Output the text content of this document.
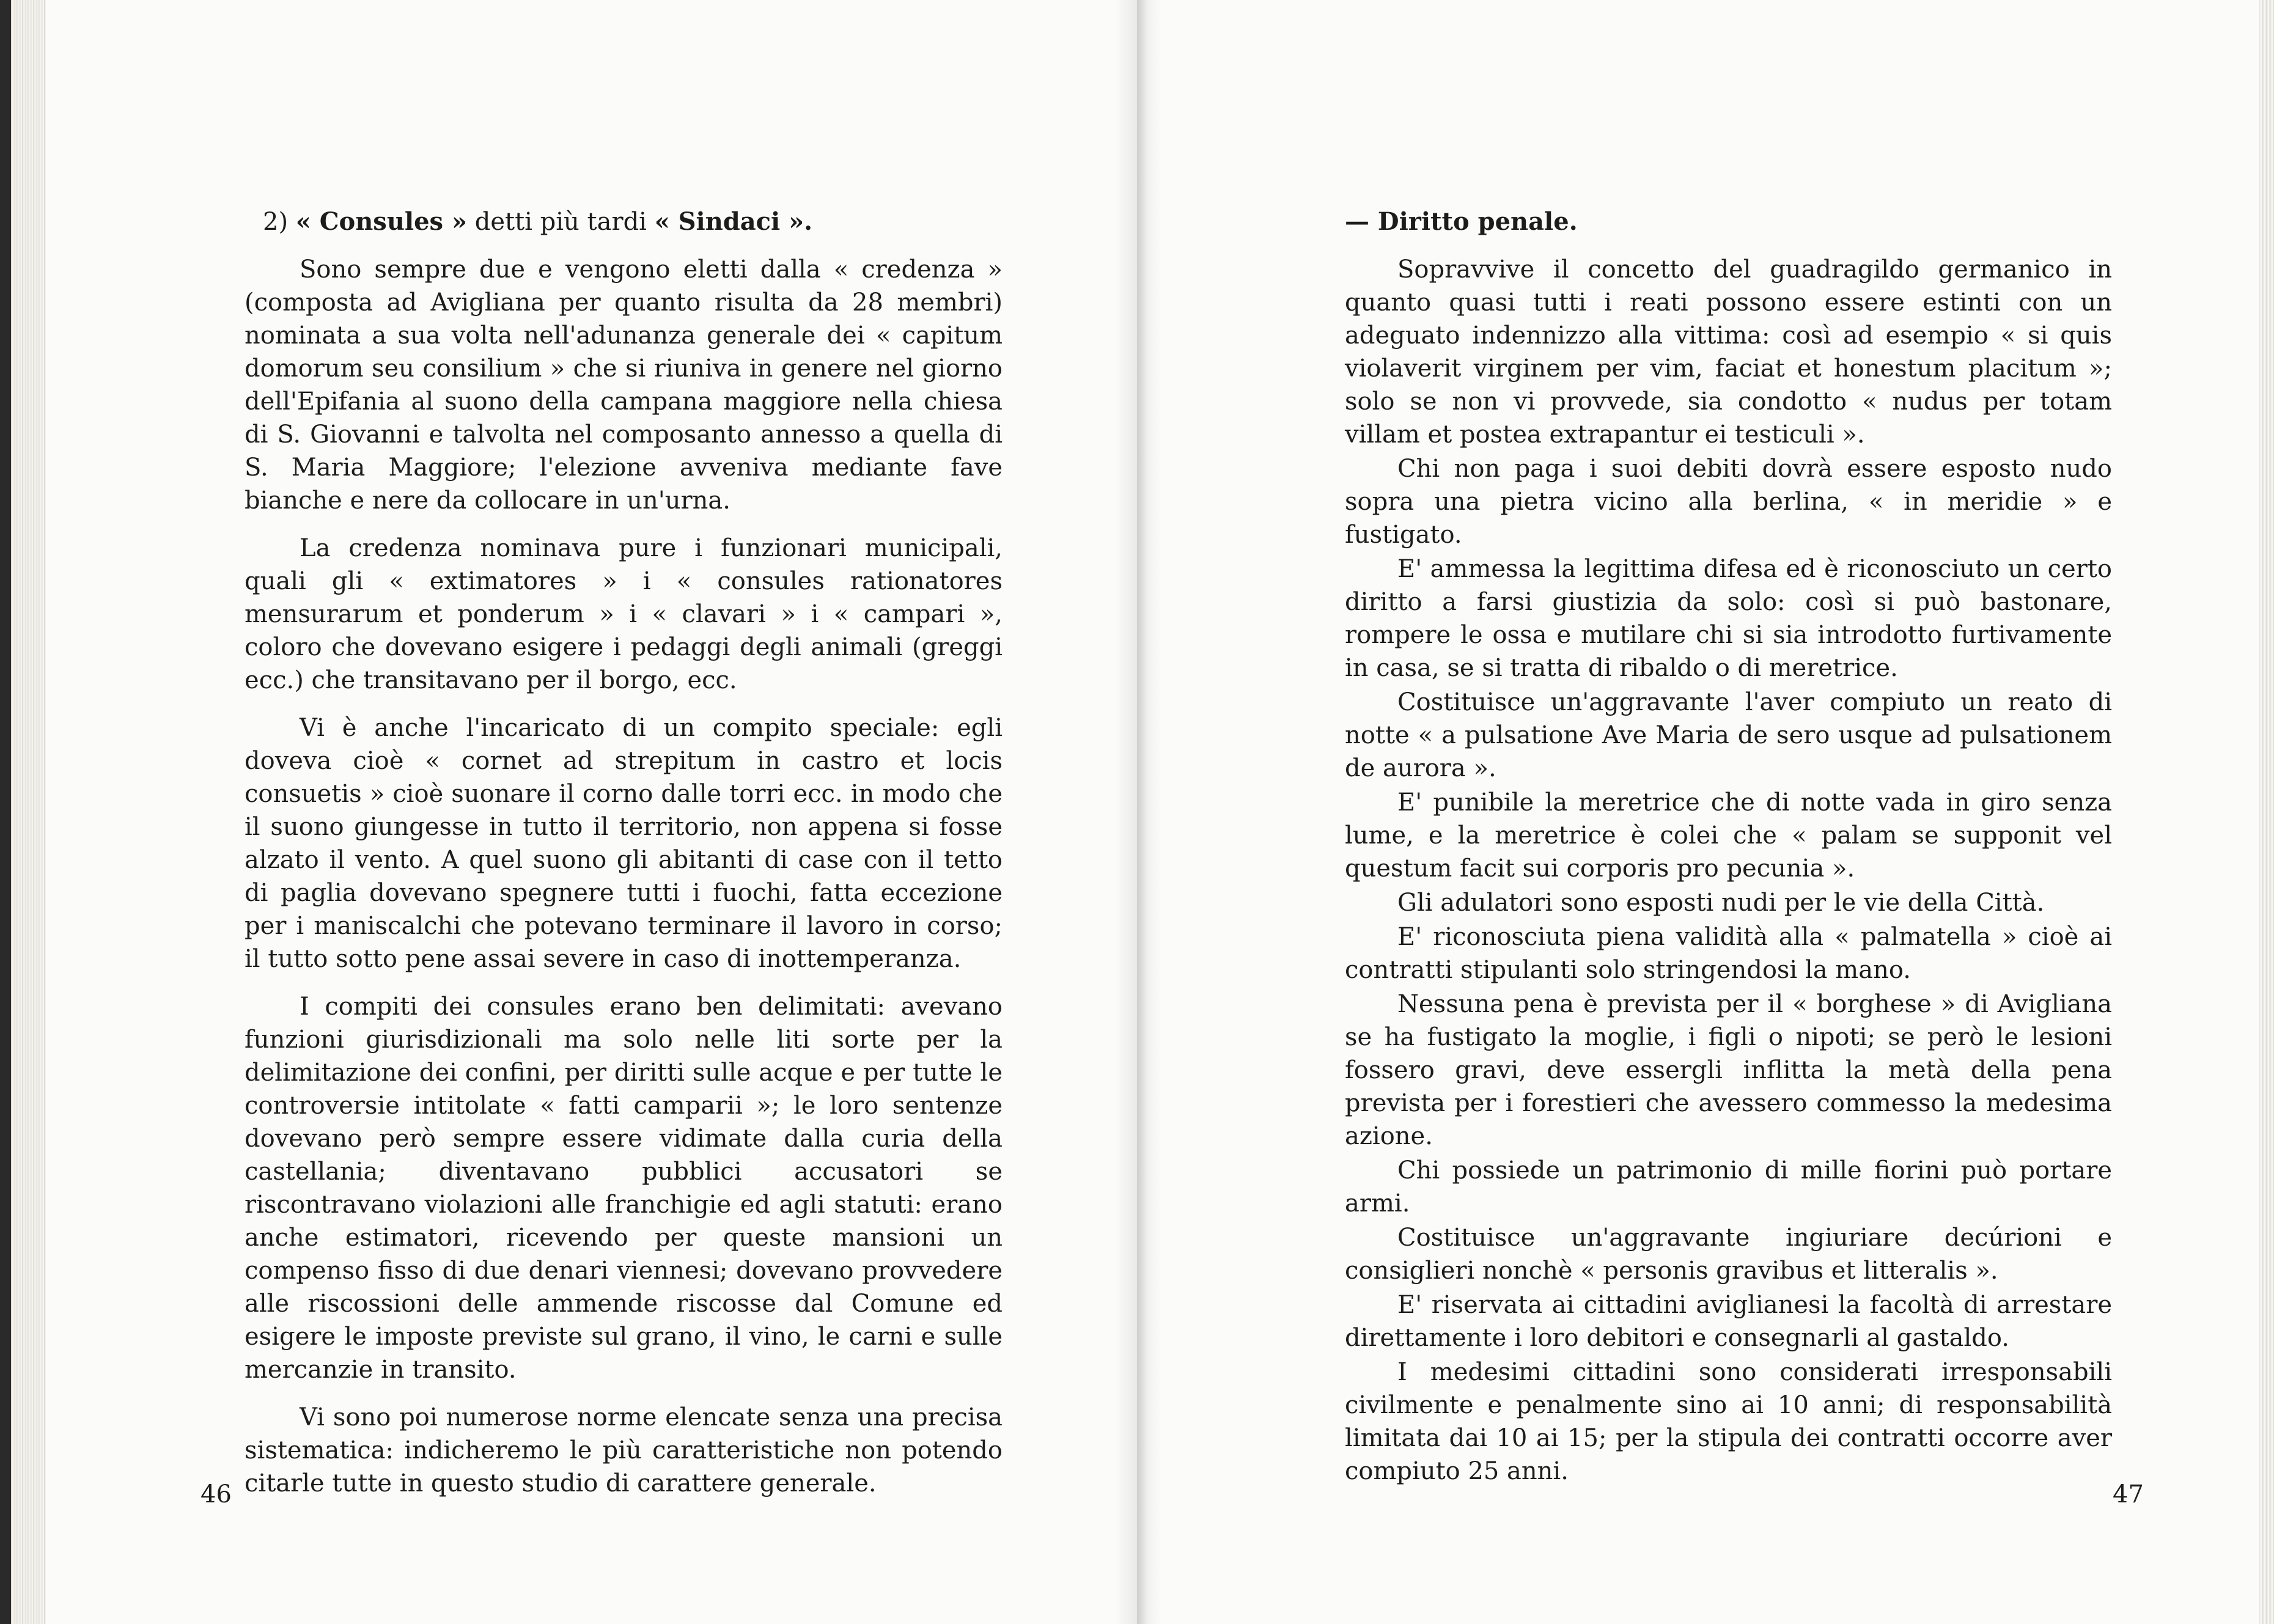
2) « Consules » detti più tardi « Sindaci ».

Sono sempre due e vengono eletti dalla « credenza » (composta ad Avigliana per quanto risulta da 28 membri) nominata a sua volta nell'adunanza generale dei « capitum domorum seu consilium » che si riuniva in genere nel giorno dell'Epifania al suono della campana maggiore nella chiesa di S. Giovanni e talvolta nel composanto annesso a quella di S. Maria Maggiore; l'elezione avveniva mediante fave bianche e nere da collocare in un'urna.

La credenza nominava pure i funzionari municipali, quali gli « extimatores » i « consules rationatores mensurarum et ponderum » i « clavari » i « campari », coloro che dovevano esigere i pedaggi degli animali (greggi ecc.) che transitavano per il borgo, ecc.

Vi è anche l'incaricato di un compito speciale: egli doveva cioè « cornet ad strepitum in castro et locis consuetis » cioè suonare il corno dalle torri ecc. in modo che il suono giungesse in tutto il territorio, non appena si fosse alzato il vento. A quel suono gli abitanti di case con il tetto di paglia dovevano spegnere tutti i fuochi, fatta eccezione per i maniscalchi che potevano terminare il lavoro in corso; il tutto sotto pene assai severe in caso di inottemperanza.

I compiti dei consules erano ben delimitati: avevano funzioni giurisdizionali ma solo nelle liti sorte per la delimitazione dei confini, per diritti sulle acque e per tutte le controversie intitolate « fatti camparii »; le loro sentenze dovevano però sempre essere vidimate dalla curia della castellania; diventavano pubblici accusatori se riscontravano violazioni alle franchigie ed agli statuti: erano anche estimatori, ricevendo per queste mansioni un compenso fisso di due denari viennesi; dovevano provvedere alle riscossioni delle ammende riscosse dal Comune ed esigere le imposte previste sul grano, il vino, le carni e sulle mercanzie in transito.

Vi sono poi numerose norme elencate senza una precisa sistematica: indicheremo le più caratteristiche non potendo citarle tutte in questo studio di carattere generale.

46
— Diritto penale.

Sopravvive il concetto del guadragildo germanico in quanto quasi tutti i reati possono essere estinti con un adeguato indennizzo alla vittima: così ad esempio « si quis violaverit virginem per vim, faciat et honestum placitum »; solo se non vi provvede, sia condotto « nudus per totam villam et postea extrapantur ei testiculi ».

Chi non paga i suoi debiti dovrà essere esposto nudo sopra una pietra vicino alla berlina, « in meridie » e fustigato.

E' ammessa la legittima difesa ed è riconosciuto un certo diritto a farsi giustizia da solo: così si può bastonare, rompere le ossa e mutilare chi si sia introdotto furtivamente in casa, se si tratta di ribaldo o di meretrice.

Costituisce un'aggravante l'aver compiuto un reato di notte « a pulsatione Ave Maria de sero usque ad pulsationem de aurora ».

E' punibile la meretrice che di notte vada in giro senza lume, e la meretrice è colei che « palam se supponit vel questum facit sui corporis pro pecunia ».

Gli adulatori sono esposti nudi per le vie della Città.

E' riconosciuta piena validità alla « palmatella » cioè ai contratti stipulanti solo stringendosi la mano.

Nessuna pena è prevista per il « borghese » di Avigliana se ha fustigato la moglie, i figli o nipoti; se però le lesioni fossero gravi, deve essergli inflitta la metà della pena prevista per i forestieri che avessero commesso la medesima azione.

Chi possiede un patrimonio di mille fiorini può portare armi.

Costituisce un'aggravante ingiuriare decúrioni e consiglieri nonchè « personis gravibus et litteralis ».

E' riservata ai cittadini aviglianesi la facoltà di arrestare direttamente i loro debitori e consegnarli al gastaldo.

I medesimi cittadini sono considerati irresponsabili civilmente e penalmente sino ai 10 anni; di responsabilità limitata dai 10 ai 15; per la stipula dei contratti occorre aver compiuto 25 anni.

47
